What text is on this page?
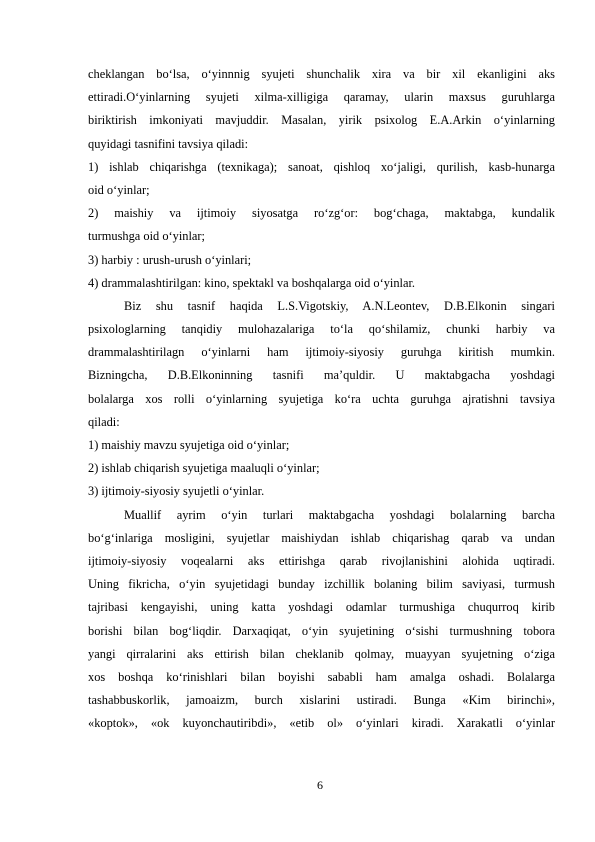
cheklangan bo‘lsa, o‘yinnnig syujeti shunchalik xira va bir xil ekanligini aks
ettiradi.O‘yinlarning syujeti xilma-xilligiga qaramay, ularin maxsus guruhlarga
biriktirish imkoniyati mavjuddir. Masalan, yirik psixolog E.A.Arkin o‘yinlarning
quyidagi tasnifini tavsiya qiladi:
1) ishlab chiqarishga (texnikaga); sanoat, qishloq xo‘jaligi, qurilish, kasb-hunarga
oid o‘yinlar;
2) maishiy va ijtimoiy siyosatga ro‘zg‘or: bog‘chaga, maktabga, kundalik
turmushga oid o‘yinlar;
3) harbiy : urush-urush o‘yinlari;
4) drammalashtirilgan: kino, spektakl va boshqalarga oid o‘yinlar.
Biz shu tasnif haqida L.S.Vigotskiy, A.N.Leontev, D.B.Elkonin singari
psixologlarning tanqidiy mulohazalariga to‘la qo‘shilamiz, chunki harbiy va
drammalashtirilagn o‘yinlarni ham ijtimoiy-siyosiy guruhga kiritish mumkin.
Bizningcha, D.B.Elkoninning tasnifi ma’quldir. U maktabgacha yoshdagi
bolalarga xos rolli o‘yinlarning syujetiga ko‘ra uchta guruhga ajratishni tavsiya
qiladi:
1) maishiy mavzu syujetiga oid o‘yinlar;
2) ishlab chiqarish syujetiga maaluqli o‘yinlar;
3) ijtimoiy-siyosiy syujetli o‘yinlar.
Muallif ayrim o‘yin turlari maktabgacha yoshdagi bolalarning barcha
bo‘g‘inlariga mosligini, syujetlar maishiydan ishlab chiqarishag qarab va undan
ijtimoiy-siyosiy voqealarni aks ettirishga qarab rivojlanishini alohida uqtiradi.
Uning fikricha, o‘yin syujetidagi bunday izchillik bolaning bilim saviyasi, turmush
tajribasi kengayishi, uning katta yoshdagi odamlar turmushiga chuqurroq kirib
borishi bilan bog‘liqdir. Darxaqiqat, o‘yin syujetining o‘sishi turmushning tobora
yangi qirralarini aks ettirish bilan cheklanib qolmay, muayyan syujetning o‘ziga
xos boshqa ko‘rinishlari bilan boyishi sababli ham amalga oshadi. Bolalarga
tashabbuskorlik, jamoaizm, burch xislarini ustiradi. Bunga «Kim birinchi»,
«koptok», «ok kuyonchautiribdi», «etib ol» o‘yinlari kiradi. Xarakatli o‘yinlar
6
